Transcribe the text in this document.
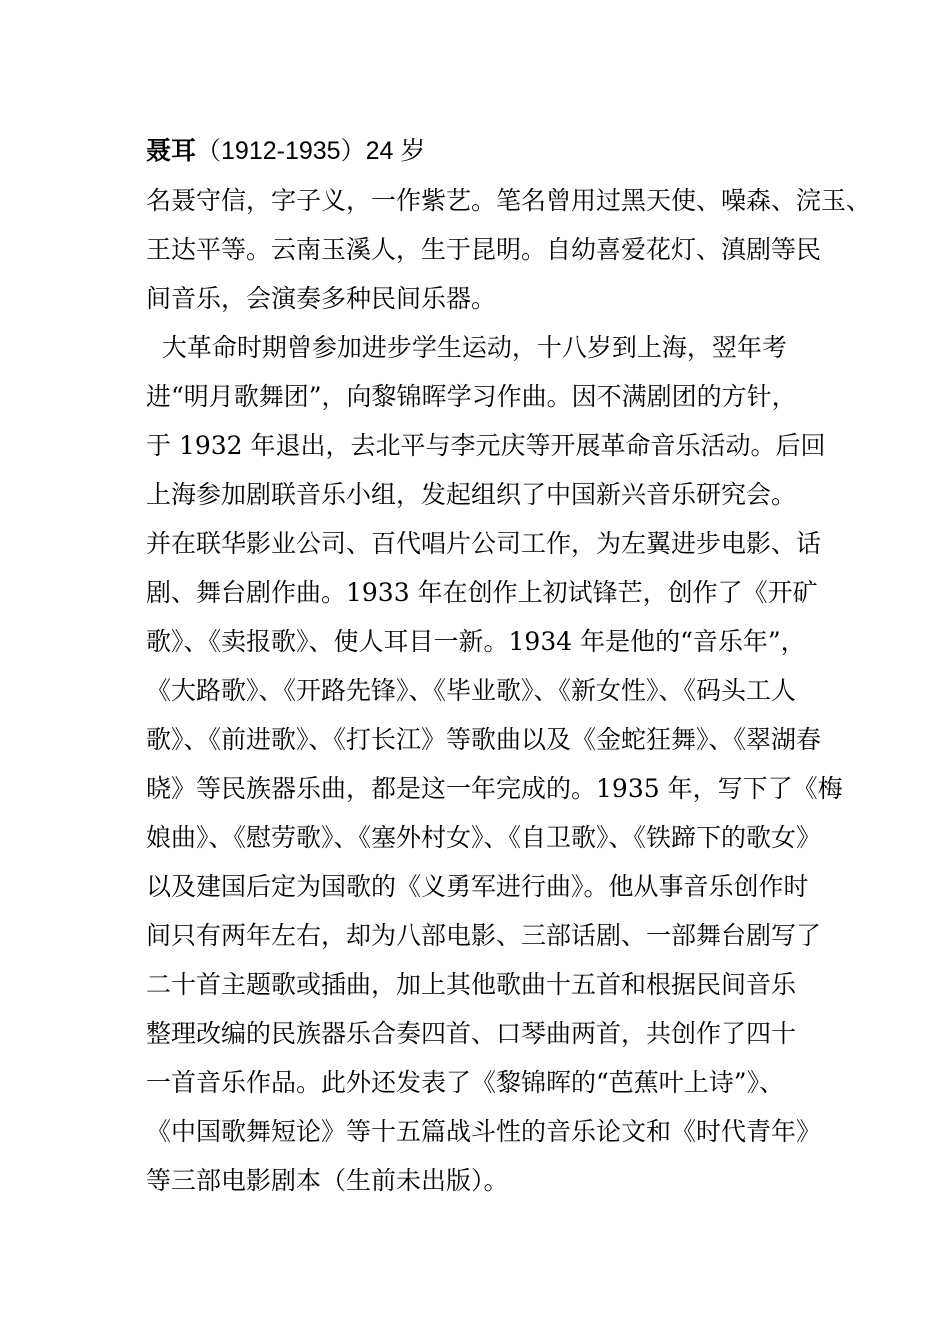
聂耳（1912-1935）24 岁
名聂守信，字子义，一作紫艺。笔名曾用过黑天使、噪森、浣玉、
王达平等。云南玉溪人，生于昆明。自幼喜爱花灯、滇剧等民
间音乐，会演奏多种民间乐器。
大革命时期曾参加进步学生运动，十八岁到上海，翌年考
进“明月歌舞团”，向黎锦晖学习作曲。因不满剧团的方针，
于 1932 年退出，去北平与李元庆等开展革命音乐活动。后回
上海参加剧联音乐小组，发起组织了中国新兴音乐研究会。
并在联华影业公司、百代唱片公司工作，为左翼进步电影、话
剧、舞台剧作曲。1933 年在创作上初试锋芒，创作了《开矿
歌》、《卖报歌》、使人耳目一新。1934 年是他的“音乐年”，
《大路歌》、《开路先锋》、《毕业歌》、《新女性》、《码头工人
歌》、《前进歌》、《打长江》等歌曲以及《金蛇狂舞》、《翠湖春
晓》等民族器乐曲，都是这一年完成的。1935 年，写下了《梅
娘曲》、《慰劳歌》、《塞外村女》、《自卫歌》、《铁蹄下的歌女》
以及建国后定为国歌的《义勇军进行曲》。他从事音乐创作时
间只有两年左右，却为八部电影、三部话剧、一部舞台剧写了
二十首主题歌或插曲，加上其他歌曲十五首和根据民间音乐
整理改编的民族器乐合奏四首、口琴曲两首，共创作了四十
一首音乐作品。此外还发表了《黎锦晖的“芭蕉叶上诗”》、
《中国歌舞短论》等十五篇战斗性的音乐论文和《时代青年》
等三部电影剧本（生前未出版）。
